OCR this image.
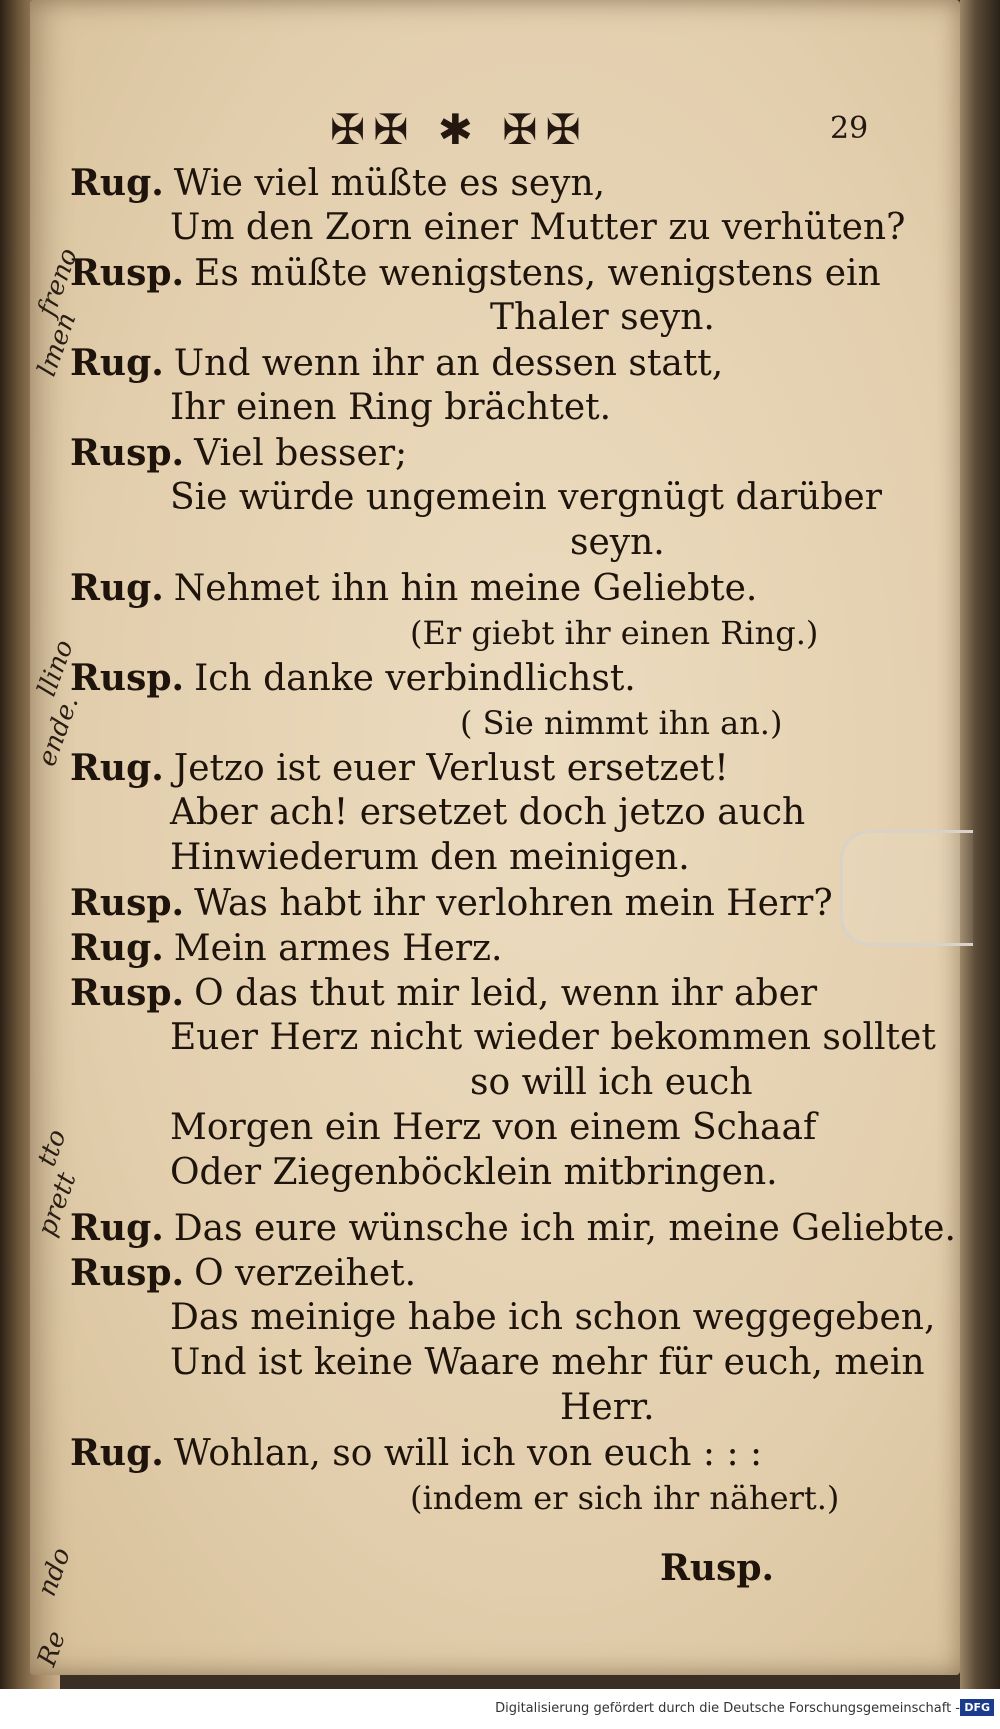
freno
lmen
llino
ende.
tto
prett
ndo
Re
✠✠ ✱ ✠✠	29
Rug. Wie viel müßte es seyn,
Um den Zorn einer Mutter zu verhüten?
Rusp. Es müßte wenigstens, wenigstens ein
Thaler seyn.
Rug. Und wenn ihr an dessen statt,
Ihr einen Ring brächtet.
Rusp. Viel besser;
Sie würde ungemein vergnügt darüber
seyn.
Rug. Nehmet ihn hin meine Geliebte.
(Er giebt ihr einen Ring.)
Rusp. Ich danke verbindlichst.
( Sie nimmt ihn an.)
Rug. Jetzo ist euer Verlust ersetzet!
Aber ach! ersetzet doch jetzo auch
Hinwiederum den meinigen.
Rusp. Was habt ihr verlohren mein Herr?
Rug. Mein armes Herz.
Rusp. O das thut mir leid, wenn ihr aber
Euer Herz nicht wieder bekommen solltet
so will ich euch
Morgen ein Herz von einem Schaaf
Oder Ziegenböcklein mitbringen.
Rug. Das eure wünsche ich mir, meine Geliebte.
Rusp. O verzeihet.
Das meinige habe ich schon weggegeben,
Und ist keine Waare mehr für euch, mein
Herr.
Rug. Wohlan, so will ich von euch : : :
(indem er sich ihr nähert.)
Rusp.
Digitalisierung gefördert durch die Deutsche Forschungsgemeinschaft - DFG
